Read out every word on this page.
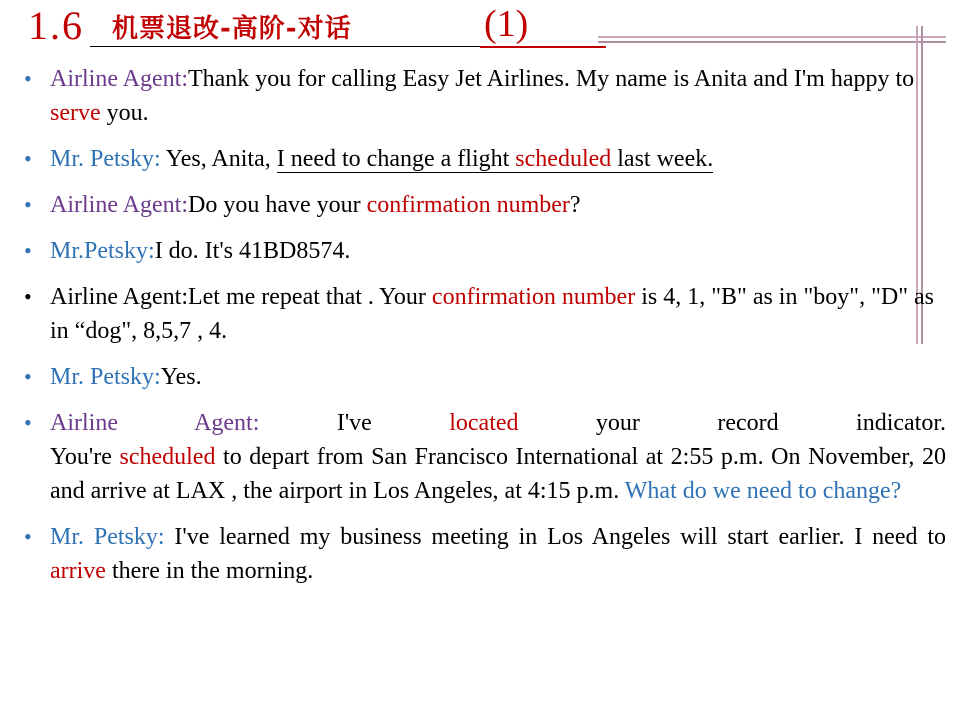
1.6 机票退改-高阶-对话	(1)
• Airline Agent:Thank you for calling Easy Jet Airlines. My name is Anita and I'm happy to serve you.
• Mr. Petsky: Yes, Anita, I need to change a flight scheduled last week.
• Airline Agent:Do you have your confirmation number?
• Mr.Petsky:I do. It's 41BD8574.
• Airline Agent:Let me repeat that . Your confirmation number is 4, 1, "B" as in "boy", "D" as in “dog", 8,5,7 , 4.
• Mr. Petsky:Yes.
• Airline Agent:	I've located your record indicator.
You're scheduled to depart from San Francisco International at 2:55 p.m. On November, 20 and arrive at LAX , the airport in Los Angeles, at 4:15 p.m. What do we need to change?
• Mr. Petsky: I've learned my business meeting in Los Angeles will start earlier. I need to arrive there in the morning.
